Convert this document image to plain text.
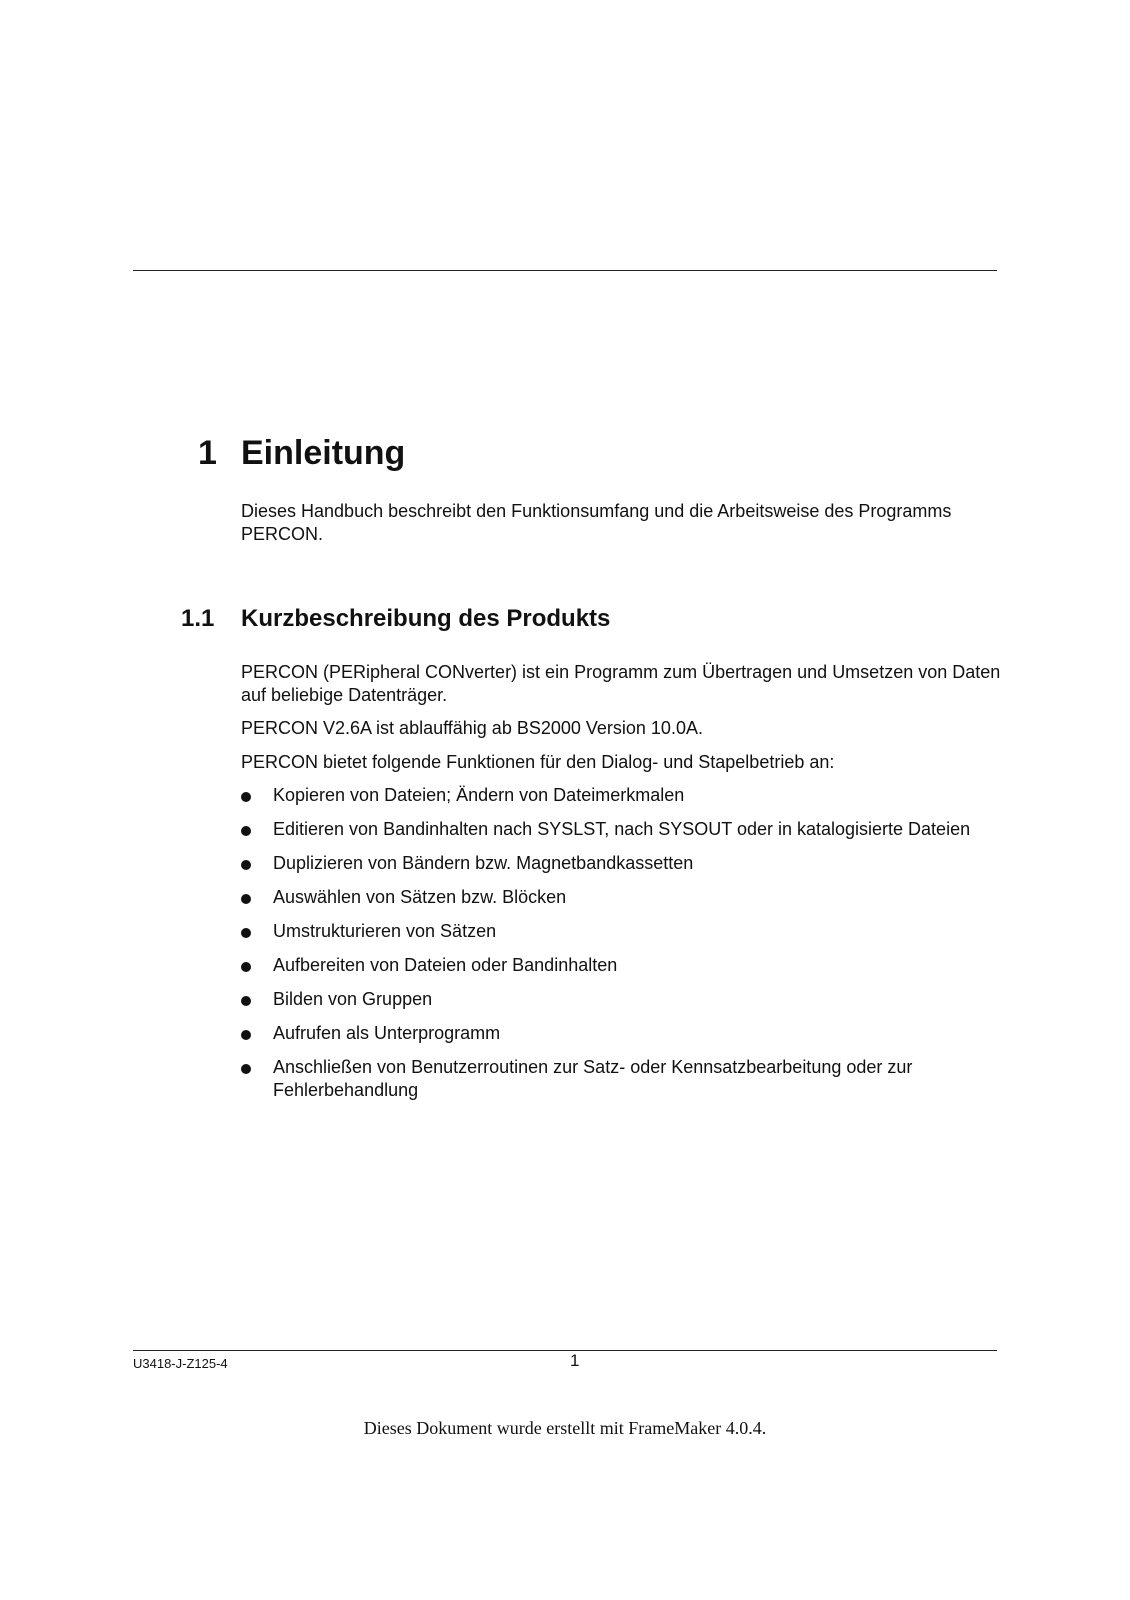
1 Einleitung

Dieses Handbuch beschreibt den Funktionsumfang und die Arbeitsweise des Programms PERCON.

1.1 Kurzbeschreibung des Produkts

PERCON (PERipheral CONverter) ist ein Programm zum Übertragen und Umsetzen von Daten auf beliebige Datenträger.

PERCON V2.6A ist ablauffähig ab BS2000 Version 10.0A.

PERCON bietet folgende Funktionen für den Dialog- und Stapelbetrieb an:

Kopieren von Dateien; Ändern von Dateimerkmalen
Editieren von Bandinhalten nach SYSLST, nach SYSOUT oder in katalogisierte Dateien
Duplizieren von Bändern bzw. Magnetbandkassetten
Auswählen von Sätzen bzw. Blöcken
Umstrukturieren von Sätzen
Aufbereiten von Dateien oder Bandinhalten
Bilden von Gruppen
Aufrufen als Unterprogramm
Anschließen von Benutzerroutinen zur Satz- oder Kennsatzbearbeitung oder zur Fehlerbehandlung
U3418-J-Z125-4	1
Dieses Dokument wurde erstellt mit FrameMaker 4.0.4.
